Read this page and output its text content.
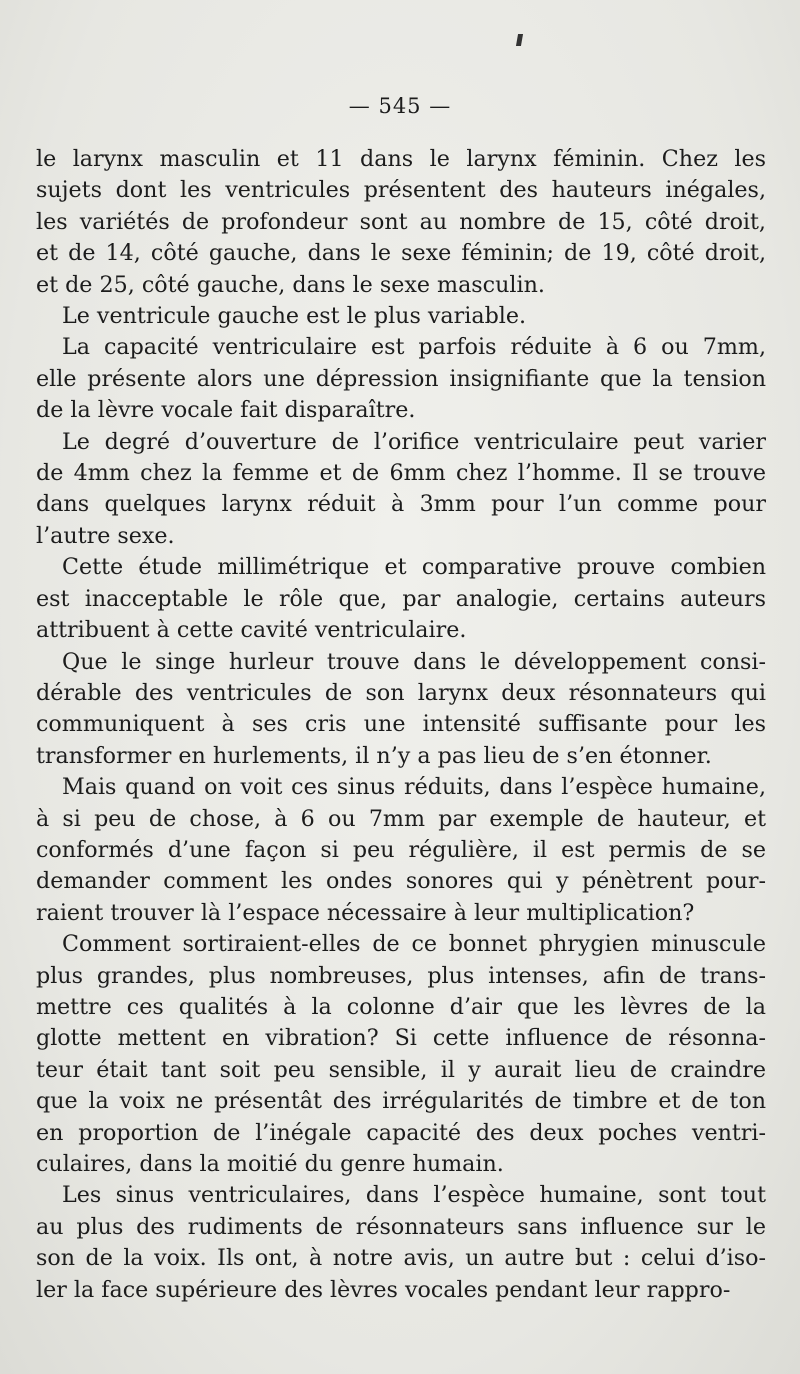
— 545 —

le larynx masculin et 11 dans le larynx féminin. Chez les

sujets dont les ventricules présentent des hauteurs inégales,

les variétés de profondeur sont au nombre de 15, côté droit,

et de 14, côté gauche, dans le sexe féminin; de 19, côté droit,

et de 25, côté gauche, dans le sexe masculin.

Le ventricule gauche est le plus variable.

La capacité ventriculaire est parfois réduite à 6 ou 7mm,

elle présente alors une dépression insignifiante que la tension

de la lèvre vocale fait disparaître.

Le degré d’ouverture de l’orifice ventriculaire peut varier

de 4mm chez la femme et de 6mm chez l’homme. Il se trouve

dans quelques larynx réduit à 3mm pour l’un comme pour

l’autre sexe.

Cette étude millimétrique et comparative prouve combien

est inacceptable le rôle que, par analogie, certains auteurs

attribuent à cette cavité ventriculaire.

Que le singe hurleur trouve dans le développement consi-

dérable des ventricules de son larynx deux résonnateurs qui

communiquent à ses cris une intensité suffisante pour les

transformer en hurlements, il n’y a pas lieu de s’en étonner.

Mais quand on voit ces sinus réduits, dans l’espèce humaine,

à si peu de chose, à 6 ou 7mm par exemple de hauteur, et

conformés d’une façon si peu régulière, il est permis de se

demander comment les ondes sonores qui y pénètrent pour-

raient trouver là l’espace nécessaire à leur multiplication?

Comment sortiraient-elles de ce bonnet phrygien minuscule

plus grandes, plus nombreuses, plus intenses, afin de trans-

mettre ces qualités à la colonne d’air que les lèvres de la

glotte mettent en vibration? Si cette influence de résonna-

teur était tant soit peu sensible, il y aurait lieu de craindre

que la voix ne présentât des irrégularités de timbre et de ton

en proportion de l’inégale capacité des deux poches ventri-

culaires, dans la moitié du genre humain.

Les sinus ventriculaires, dans l’espèce humaine, sont tout

au plus des rudiments de résonnateurs sans influence sur le

son de la voix. Ils ont, à notre avis, un autre but : celui d’iso-

ler la face supérieure des lèvres vocales pendant leur rappro-
